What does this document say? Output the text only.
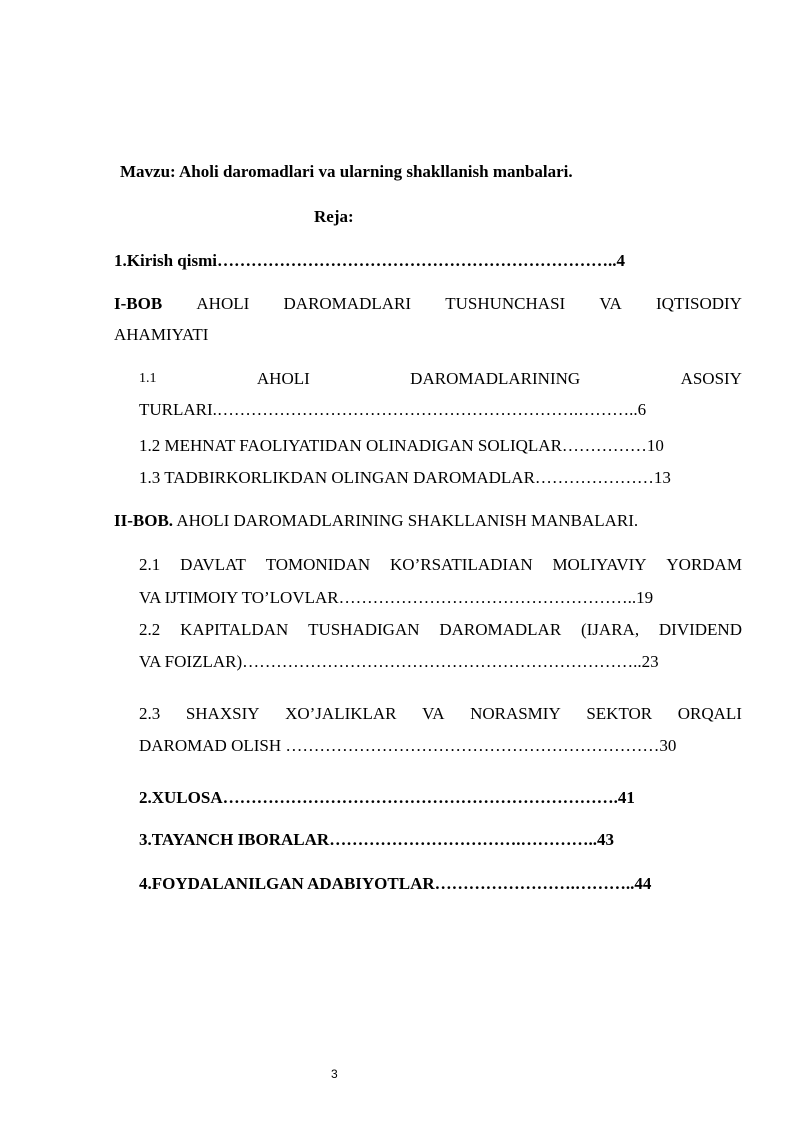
Mavzu: Aholi daromadlari va ularning shakllanish manbalari.
Reja:
1.Kirish qismi……………………………………………………………..4
I-BOB AHOLI DAROMADLARI TUSHUNCHASI VA IQTISODIY
AHAMIYATI
1.1	AHOLI	DAROMADLARINING	ASOSIY
TURLARI.……………………………………………………….………..6
1.2 MEHNAT FAOLIYATIDAN OLINADIGAN SOLIQLAR……………10
1.3 TADBIRKORLIKDAN OLINGAN DAROMADLAR…………………13
II-BOB. AHOLI DAROMADLARINING SHAKLLANISH MANBALARI.
2.1 DAVLAT TOMONIDAN KO’RSATILADIAN MOLIYAVIY YORDAM
VA IJTIMOIY TO’LOVLAR……………………………………………..19
2.2 KAPITALDAN TUSHADIGAN DAROMADLAR (IJARA, DIVIDEND
VA FOIZLAR)……………………………………………………………..23
2.3 SHAXSIY XO’JALIKLAR VA NORASMIY SEKTOR ORQALI
DAROMAD OLISH …………………………………………………………30
2.XULOSA…………………………………………………………….41
3.TAYANCH IBORALAR…………………………….…………..43
4.FOYDALANILGAN ADABIYOTLAR…………………….………..44
3
